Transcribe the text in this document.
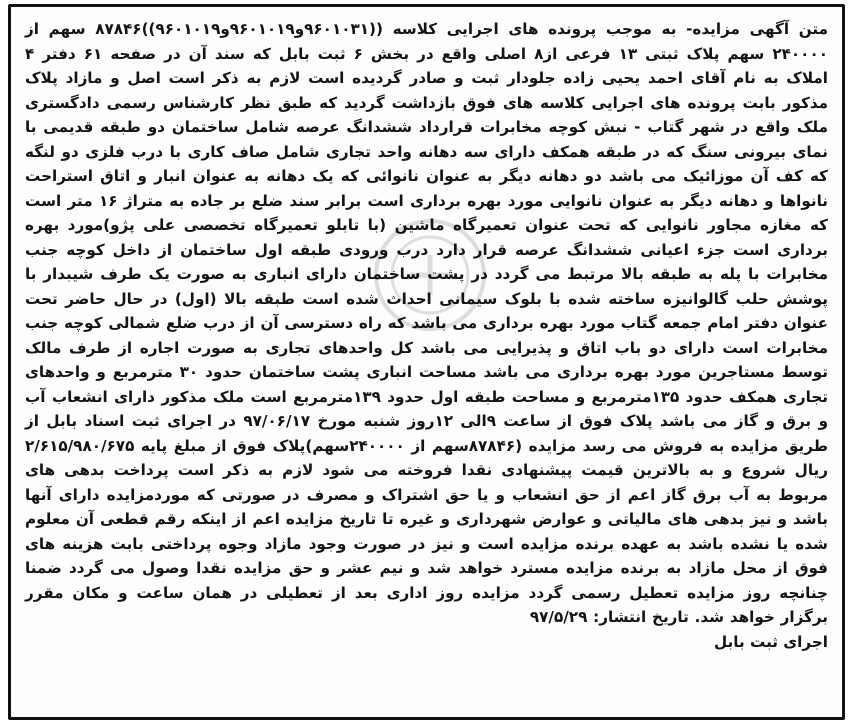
متن آگهی مزایده- به موجب پرونده های اجرایی کلاسه ((۹۶۰۱۰۳۱و۹۶۰۱۰۱۹و۹۶۰۱۰۱۹))۸۷۸۴۶ سهم از ۲۴۰۰۰۰ سهم پلاک ثبتی ۱۳ فرعی از۸ اصلی واقع در بخش ۶ ثبت بابل که سند آن در صفحه ۶۱ دفتر ۴ املاک به نام آقای احمد یحیی زاده جلودار ثبت و صادر گردیده است لازم به ذکر است اصل و مازاد پلاک مذکور بابت پرونده های اجرایی کلاسه های فوق بازداشت گردید که طبق نظر کارشناس رسمی دادگستری ملک واقع در شهر گتاب - نبش کوچه مخابرات قرارداد ششدانگ عرصه شامل ساختمان دو طبقه قدیمی با نمای بیرونی سنگ که در طبقه همکف دارای سه دهانه واحد تجاری شامل صاف کاری با درب فلزی دو لنگه که کف آن موزائیک می باشد دو دهانه دیگر به عنوان نانوائی که یک دهانه به عنوان انبار و اتاق استراحت نانواها و دهانه دیگر به عنوان نانوایی مورد بهره برداری است برابر سند ضلع بر جاده به متراژ ۱۶ متر است که مغازه مجاور نانوایی که تحت عنوان تعمیرگاه ماشین (با تابلو تعمیرگاه تخصصی علی پژو)مورد بهره برداری است جزء اعیانی ششدانگ عرصه قرار دارد درب ورودی طبقه اول ساختمان از داخل کوچه جنب مخابرات با پله به طبقه بالا مرتبط می گردد در پشت ساختمان دارای انباری به صورت یک طرف شیبدار با پوشش حلب گالوانیزه ساخته شده با بلوک سیمانی احداث شده است طبقه بالا (اول) در حال حاضر تحت عنوان دفتر امام جمعه گتاب مورد بهره برداری می باشد که راه دسترسی آن از درب ضلع شمالی کوچه جنب مخابرات است دارای دو باب اتاق و پذیرایی می باشد کل واحدهای تجاری به صورت اجاره از طرف مالک توسط مستاجرین مورد بهره برداری می باشد مساحت انباری پشت ساختمان حدود ۳۰ مترمربع و واحدهای تجاری همکف حدود ۱۳۵مترمربع و مساحت طبقه اول حدود ۱۳۹مترمربع است ملک مذکور دارای انشعاب آب و برق و گاز می باشد پلاک فوق از ساعت ۹الی ۱۲روز شنبه مورخ ۹۷/۰۶/۱۷ در اجرای ثبت اسناد بابل از طریق مزایده به فروش می رسد مزایده (۸۷۸۴۶سهم از ۲۴۰۰۰۰سهم)پلاک فوق از مبلغ پایه ۲/۶۱۵/۹۸۰/۶۷۵ ریال شروع و به بالاترین قیمت پیشنهادی نقدا فروخته می شود لازم به ذکر است پرداخت بدهی های مربوط به آب برق گاز اعم از حق انشعاب و یا حق اشتراک و مصرف در صورتی که موردمزایده دارای آنها باشد و نیز بدهی های مالیاتی و عوارض شهرداری و غیره تا تاریخ مزایده اعم از اینکه رقم قطعی آن معلوم شده یا نشده باشد به عهده برنده مزایده است و نیز در صورت وجود مازاد وجوه پرداختی بابت هزینه های فوق از محل مازاد به برنده مزایده مسترد خواهد شد و نیم عشر و حق مزایده نقدا وصول می گردد ضمنا چنانچه روز مزایده تعطیل رسمی گردد مزایده روز اداری بعد از تعطیلی در همان ساعت و مکان مقرر برگزار خواهد شد. تاریخ انتشار: ۹۷/۵/۲۹

اجرای ثبت بابل
